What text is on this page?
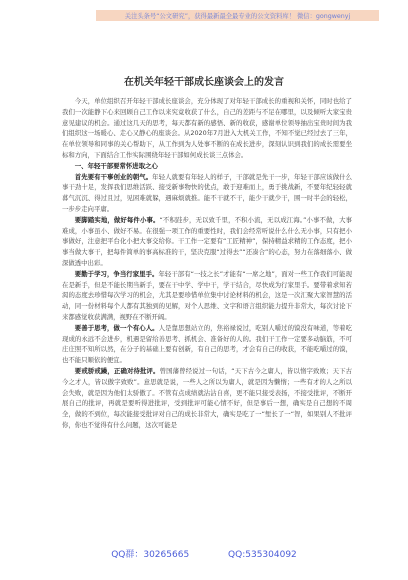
关注头条号“公文研究”，获得最新最全最专业的公文资料库！ 微信：gongwenyj
在机关年轻干部成长座谈会上的发言

今天，单位组织召开年轻干部成长座谈会，充分体现了对年轻干部成长的重视和关怀，同时也给了我们一次能静下心来回顾自己工作以来究竟收获了什么，自己的差距与不足在哪里，以及倾听大家宝贵意见建议的机会。通过这几天的思考，每天都有新的感悟、新的收获，感谢单位领导抽出宝贵时间为我们组织这一场暖心、走心又静心的座谈会。从2020年7月进入大机关工作，不知不觉已经过去了三年，在单位领导和同事的关心帮助下，从工作到为人处事不断的在成长进步，深刻认识到我们的成长需要坐标和方向，下面结合工作实际围绕年轻干部如何成长谈三点体会。

一、年轻干部要常怀进取之心

首先要有干事创业的朝气。年轻人就要有年轻人的样子，干部就是先干一步，年轻干部应该做什么事干劲十足，发挥我们思维活跃、接受新事物快的优点，敢于迎难而上，勇于挑战新，不要年纪轻轻就暮气沉沉、得过且过，见困难就躲，遇麻烦就推。能不干就不干，能少干就少干，围一时半会的轻松，一步步走向平庸。

要脚踏实地，做好每件小事。“不积跬步，无以致千里，不积小流，无以成江海。”小事不做，大事难成，小事虽小、做好不易。在很强一项工作的重要性时，我们会经常听说什么什么无小事，只有把小事做好，注意把平台化小把大事交给你。干工作一定要有“工匠精神”，保持精益求精的工作态度，把小事当做大事干，把每件简单的事高标准的干，坚决克服“过得去”“还凑合”的心态，努力在落细落小、做深做透中出彩。

要勤于学习，争当行家里手。年轻干部有“一技之长”才能有“一席之地”，面对一些工作我们可能现在是新手，但是不能长期当新手，要在干中学、学中干，学干结合，尽快成为行家里手。要带着求知若渴的态度去珍惜每次学习的机会，尤其是要珍惜单位集中讨论材料的机会，这是一次汇聚大家智慧的活动，同一份材料每个人都有其独到的见解，对个人思维、文字和语言组织能力提升非常大，每次讨论下来都感觉收获满满，视野在不断开阔。

要善于思考，做一个有心人。人是靠思想站立的，焦裕禄说过，吃别人嚼过的馍没有味道，等着吃现成的永远不会进步，机遇是留给善思考、抓机会、准备好的人的。我们干工作一定要多动脑筋，不可庄庄照不知所以然，在分子的基础上要有创新，有自己的思考，才会有自己的收获，不能吃嚼过的馍，也不能只顺依的便宜。

要戒骄戒躁，正确对待批评。曾国藩曾经说过一句话，“天下古今之庸人，皆以惰字致败；天下古今之才人，皆以傲字致败”。意思就是说，一些人之所以为庸人，就是因为懒惰；一些有才的人之所以会失败，就是因为他们太骄傲了。不管有点成绩就沾沾自喜，更不能只接受表扬，不接受批评，不断开展自己的批评，再就是要听得进批评，受到批评可能心情不好，但是事后一想，确实是自己想的不周全，做的不到位，每次能接受批评对自己的成长非常大，确实是吃了一“堑长了一“智，如果别人不批评你，你也不觉得有什么问题，这次可能是

QQ群：30265665	QQ:535304092
